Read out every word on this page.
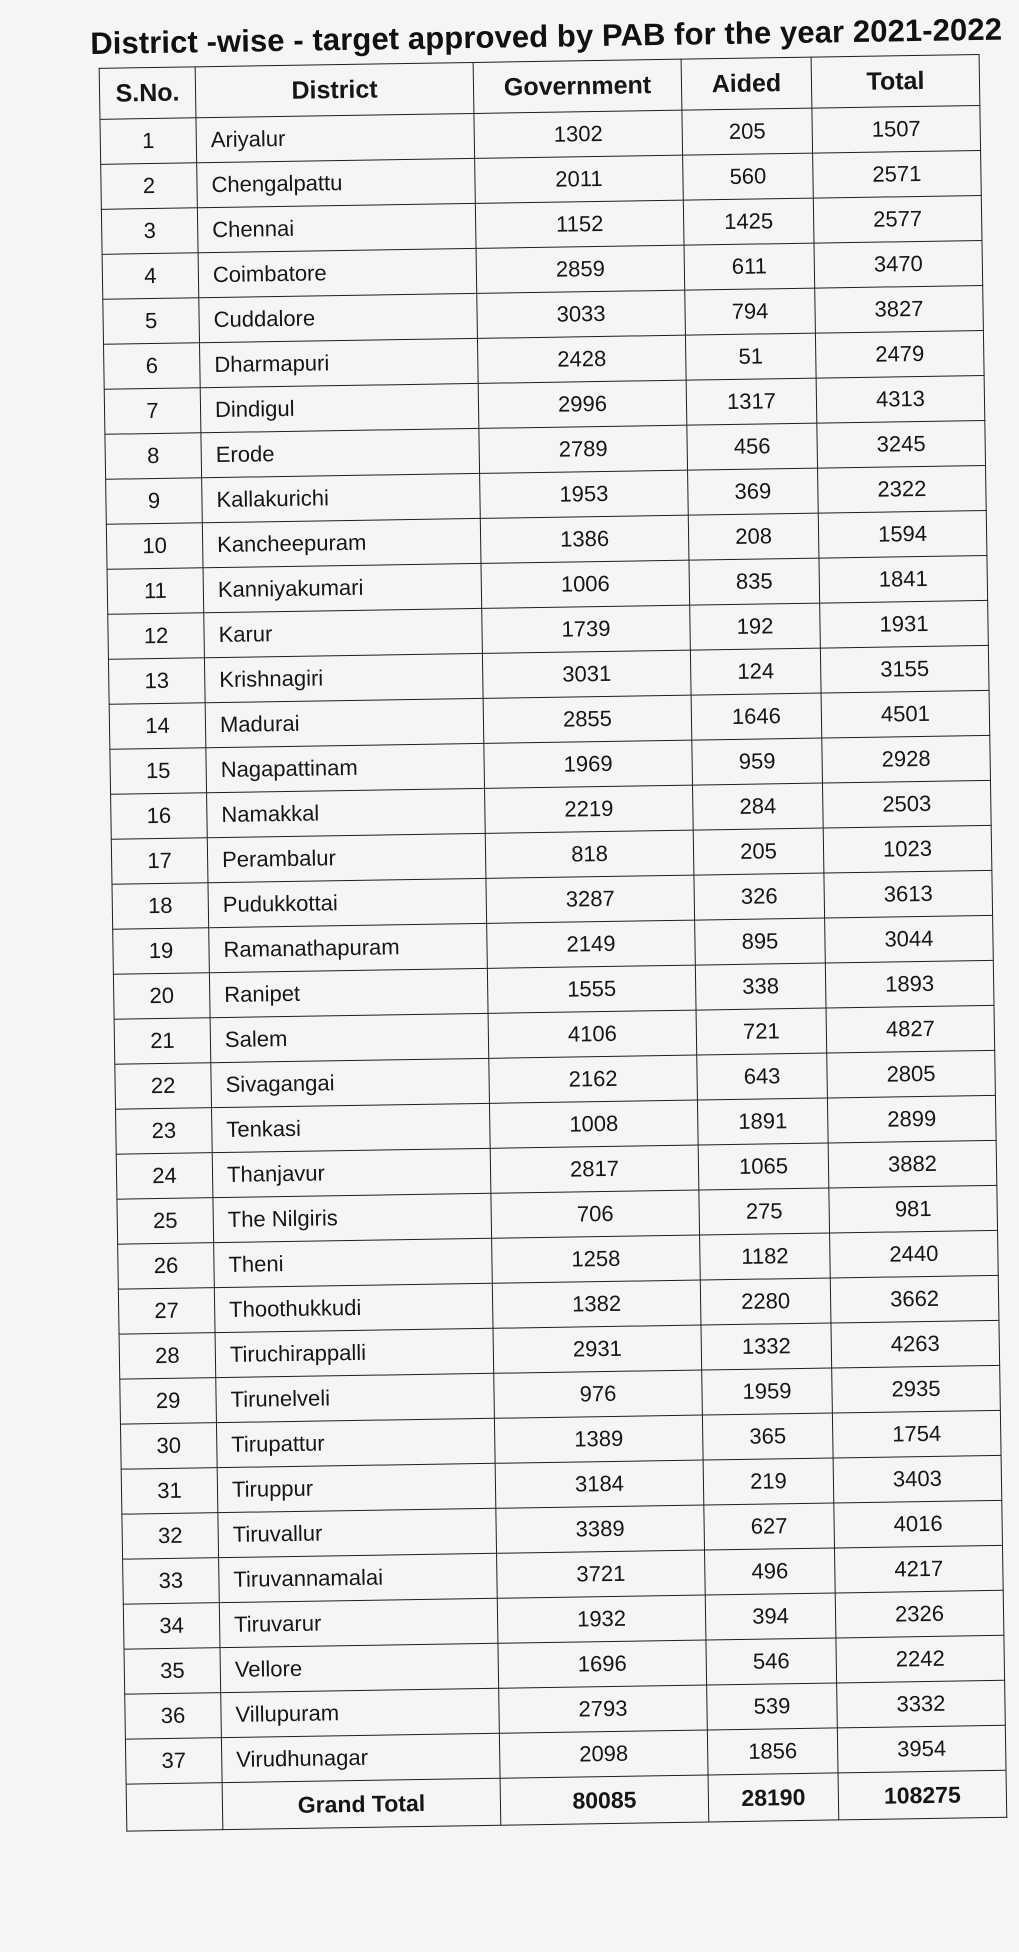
District -wise - target approved by PAB for the year 2021-2022
S.No.	District	Government	Aided	Total
1	Ariyalur	1302	205	1507
2	Chengalpattu	2011	560	2571
3	Chennai	1152	1425	2577
4	Coimbatore	2859	611	3470
5	Cuddalore	3033	794	3827
6	Dharmapuri	2428	51	2479
7	Dindigul	2996	1317	4313
8	Erode	2789	456	3245
9	Kallakurichi	1953	369	2322
10	Kancheepuram	1386	208	1594
11	Kanniyakumari	1006	835	1841
12	Karur	1739	192	1931
13	Krishnagiri	3031	124	3155
14	Madurai	2855	1646	4501
15	Nagapattinam	1969	959	2928
16	Namakkal	2219	284	2503
17	Perambalur	818	205	1023
18	Pudukkottai	3287	326	3613
19	Ramanathapuram	2149	895	3044
20	Ranipet	1555	338	1893
21	Salem	4106	721	4827
22	Sivagangai	2162	643	2805
23	Tenkasi	1008	1891	2899
24	Thanjavur	2817	1065	3882
25	The Nilgiris	706	275	981
26	Theni	1258	1182	2440
27	Thoothukkudi	1382	2280	3662
28	Tiruchirappalli	2931	1332	4263
29	Tirunelveli	976	1959	2935
30	Tirupattur	1389	365	1754
31	Tiruppur	3184	219	3403
32	Tiruvallur	3389	627	4016
33	Tiruvannamalai	3721	496	4217
34	Tiruvarur	1932	394	2326
35	Vellore	1696	546	2242
36	Villupuram	2793	539	3332
37	Virudhunagar	2098	1856	3954
	Grand Total	80085	28190	108275
